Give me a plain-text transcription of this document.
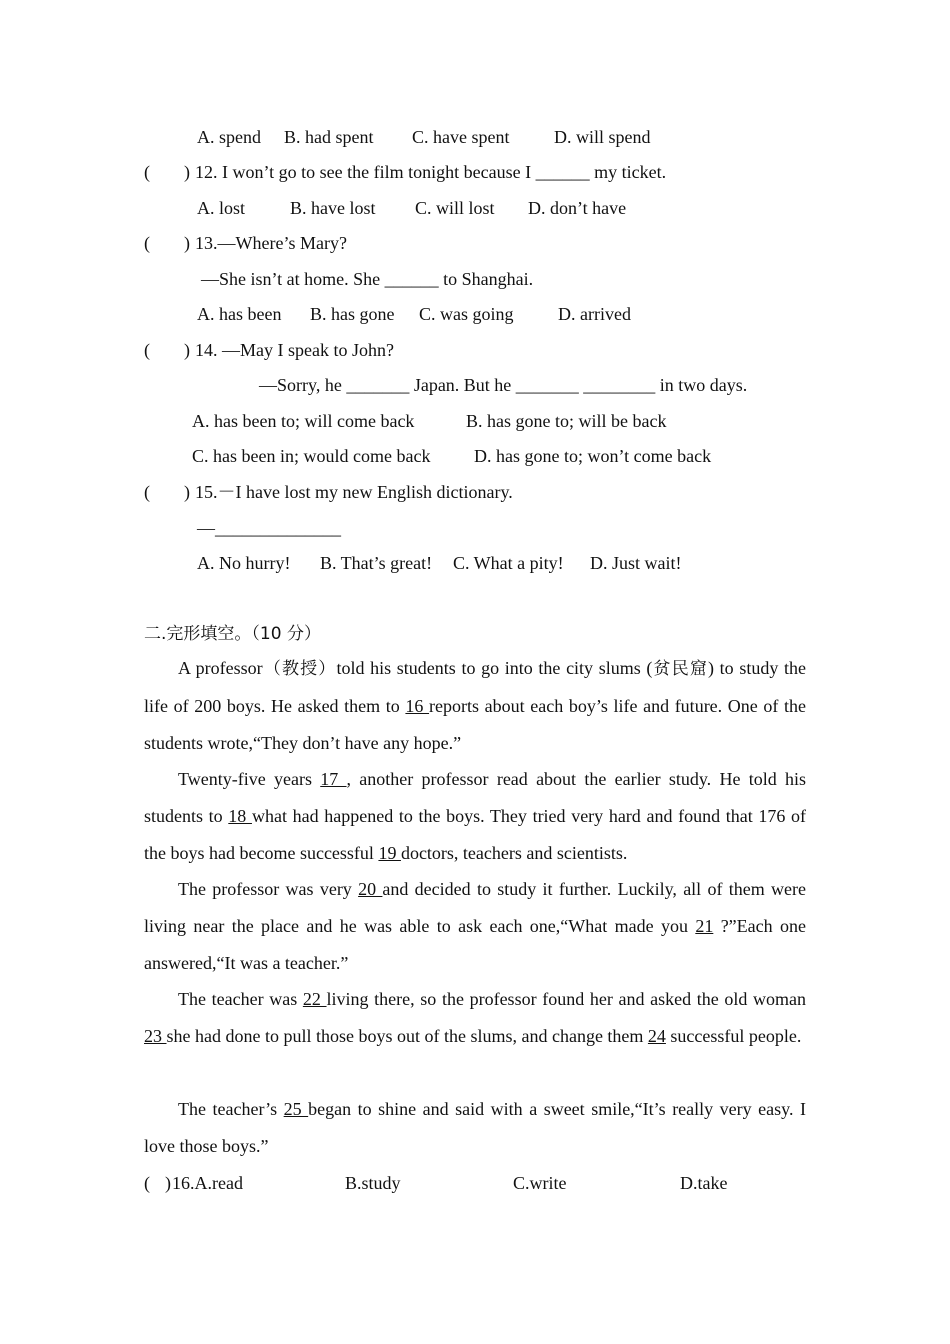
A. spend B. had spent C. have spent D. will spend
( ) 12. I won’t go to see the film tonight because I ______ my ticket.
A. lost B. have lost C. will lost D. don’t have
( ) 13.—Where’s Mary?
—She isn’t at home. She ______ to Shanghai.
A. has been B. has gone C. was going D. arrived
( ) 14. —May I speak to John?
—Sorry, he _______ Japan. But he _______ ________ in two days.
A. has been to; will come back	B. has gone to; will be back
C. has been in; would come back D. has gone to; won’t come back
( ) 15.－I have lost my new English dictionary.
—______________
A. No hurry! B. That’s great! C. What a pity! D. Just wait!
二.完形填空。（10 分）
A professor（教授）told his students to go into the city slums (贫民窟) to study the life of 200 boys. He asked them to 16 reports about each boy’s life and future. One of the students wrote,“They don’t have any hope.”
Twenty-five years 17 , another professor read about the earlier study. He told his students to 18 what had happened to the boys. They tried very hard and found that 176 of the boys had become successful 19 doctors, teachers and scientists.
The professor was very 20 and decided to study it further. Luckily, all of them were living near the place and he was able to ask each one,“What made you 21 ?”Each one answered,“It was a teacher.”
The teacher was 22 living there, so the professor found her and asked the old woman 23 she had done to pull those boys out of the slums, and change them 24 successful people.
The teacher’s 25 began to shine and said with a sweet smile,“It’s really very easy. I love those boys.”
( ) 16.A.read	B.study	C.write	D.take
